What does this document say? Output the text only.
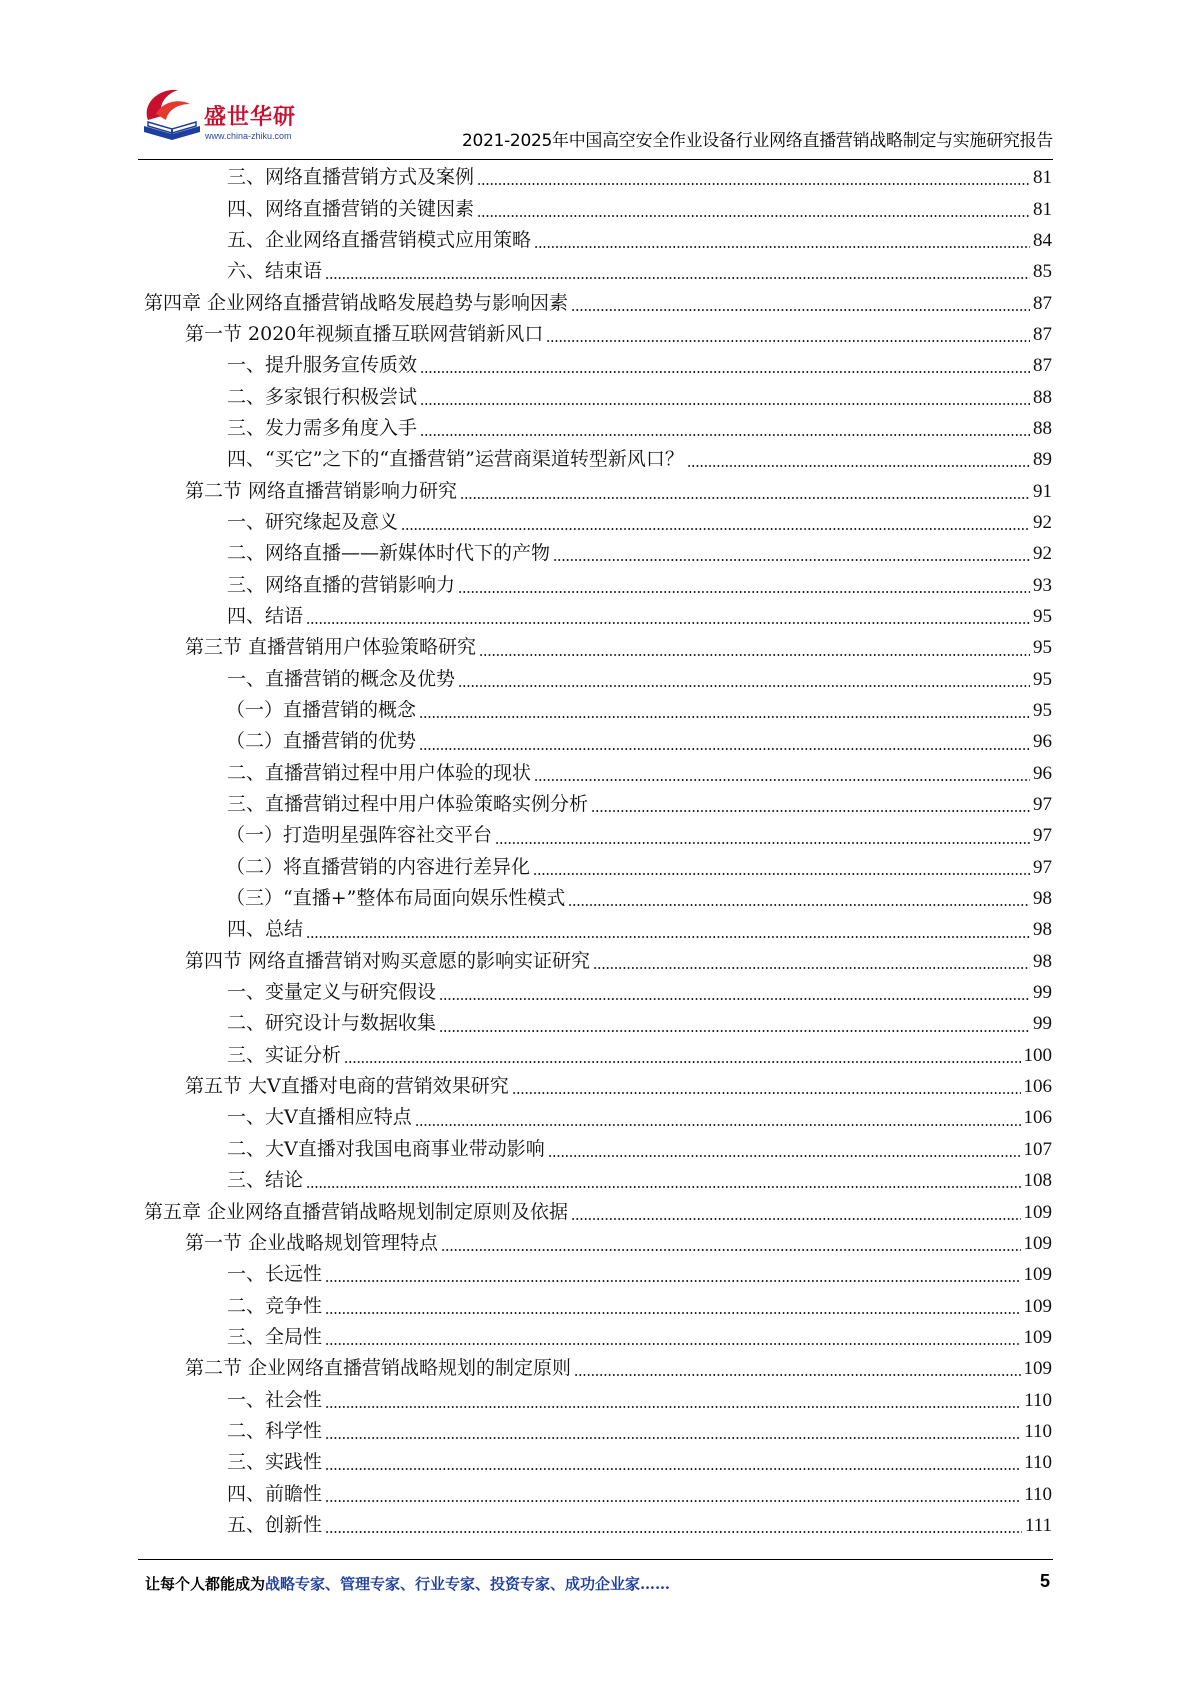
盛世华研
www.china-zhiku.com	2021-2025年中国高空安全作业设备行业网络直播营销战略制定与实施研究报告
三、网络直播营销方式及案例	81
四、网络直播营销的关键因素	81
五、企业网络直播营销模式应用策略	84
六、结束语	85
第四章 企业网络直播营销战略发展趋势与影响因素	87
第一节 2020年视频直播互联网营销新风口	87
一、提升服务宣传质效	87
二、多家银行积极尝试	88
三、发力需多角度入手	88
四、“买它”之下的“直播营销”运营商渠道转型新风口？	89
第二节 网络直播营销影响力研究	91
一、研究缘起及意义	92
二、网络直播——新媒体时代下的产物	92
三、网络直播的营销影响力	93
四、结语	95
第三节 直播营销用户体验策略研究	95
一、直播营销的概念及优势	95
（一）直播营销的概念	95
（二）直播营销的优势	96
二、直播营销过程中用户体验的现状	96
三、直播营销过程中用户体验策略实例分析	97
（一）打造明星强阵容社交平台	97
（二）将直播营销的内容进行差异化	97
（三）“直播+”整体布局面向娱乐性模式	98
四、总结	98
第四节 网络直播营销对购买意愿的影响实证研究	98
一、变量定义与研究假设	99
二、研究设计与数据收集	99
三、实证分析	100
第五节 大V直播对电商的营销效果研究	106
一、大V直播相应特点	106
二、大V直播对我国电商事业带动影响	107
三、结论	108
第五章 企业网络直播营销战略规划制定原则及依据	109
第一节 企业战略规划管理特点	109
一、长远性	109
二、竞争性	109
三、全局性	109
第二节 企业网络直播营销战略规划的制定原则	109
一、社会性	110
二、科学性	110
三、实践性	110
四、前瞻性	110
五、创新性	111
让每个人都能成为战略专家、管理专家、行业专家、投资专家、成功企业家……	5
